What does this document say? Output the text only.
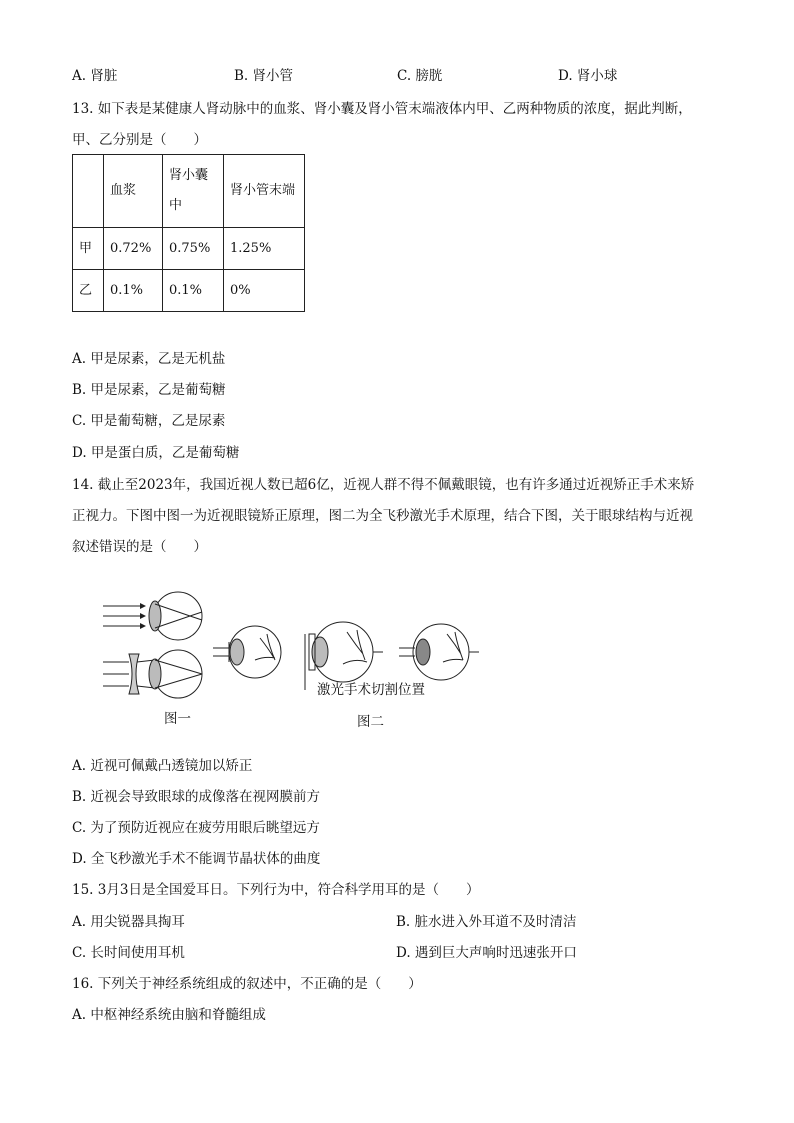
A. 肾脏	B. 肾小管	C. 膀胱	D. 肾小球
13. 如下表是某健康人肾动脉中的血浆、肾小囊及肾小管末端液体内甲、乙两种物质的浓度，据此判断，
甲、乙分别是（　　）
	血浆	肾小囊中	肾小管末端
甲	0.72%	0.75%	1.25%
乙	0.1%	0.1%	0%
A. 甲是尿素，乙是无机盐
B. 甲是尿素，乙是葡萄糖
C. 甲是葡萄糖，乙是尿素
D. 甲是蛋白质，乙是葡萄糖
14. 截止至2023年，我国近视人数已超6亿，近视人群不得不佩戴眼镜，也有许多通过近视矫正手术来矫
正视力。下图中图一为近视眼镜矫正原理，图二为全飞秒激光手术原理，结合下图，关于眼球结构与近视
叙述错误的是（　　）
激光手术切割位置
图一	图二
A. 近视可佩戴凸透镜加以矫正
B. 近视会导致眼球的成像落在视网膜前方
C. 为了预防近视应在疲劳用眼后眺望远方
D. 全飞秒激光手术不能调节晶状体的曲度
15. 3月3日是全国爱耳日。下列行为中，符合科学用耳的是（　　）
A. 用尖锐器具掏耳	B. 脏水进入外耳道不及时清洁
C. 长时间使用耳机	D. 遇到巨大声响时迅速张开口
16. 下列关于神经系统组成的叙述中，不正确的是（　　）
A. 中枢神经系统由脑和脊髓组成
